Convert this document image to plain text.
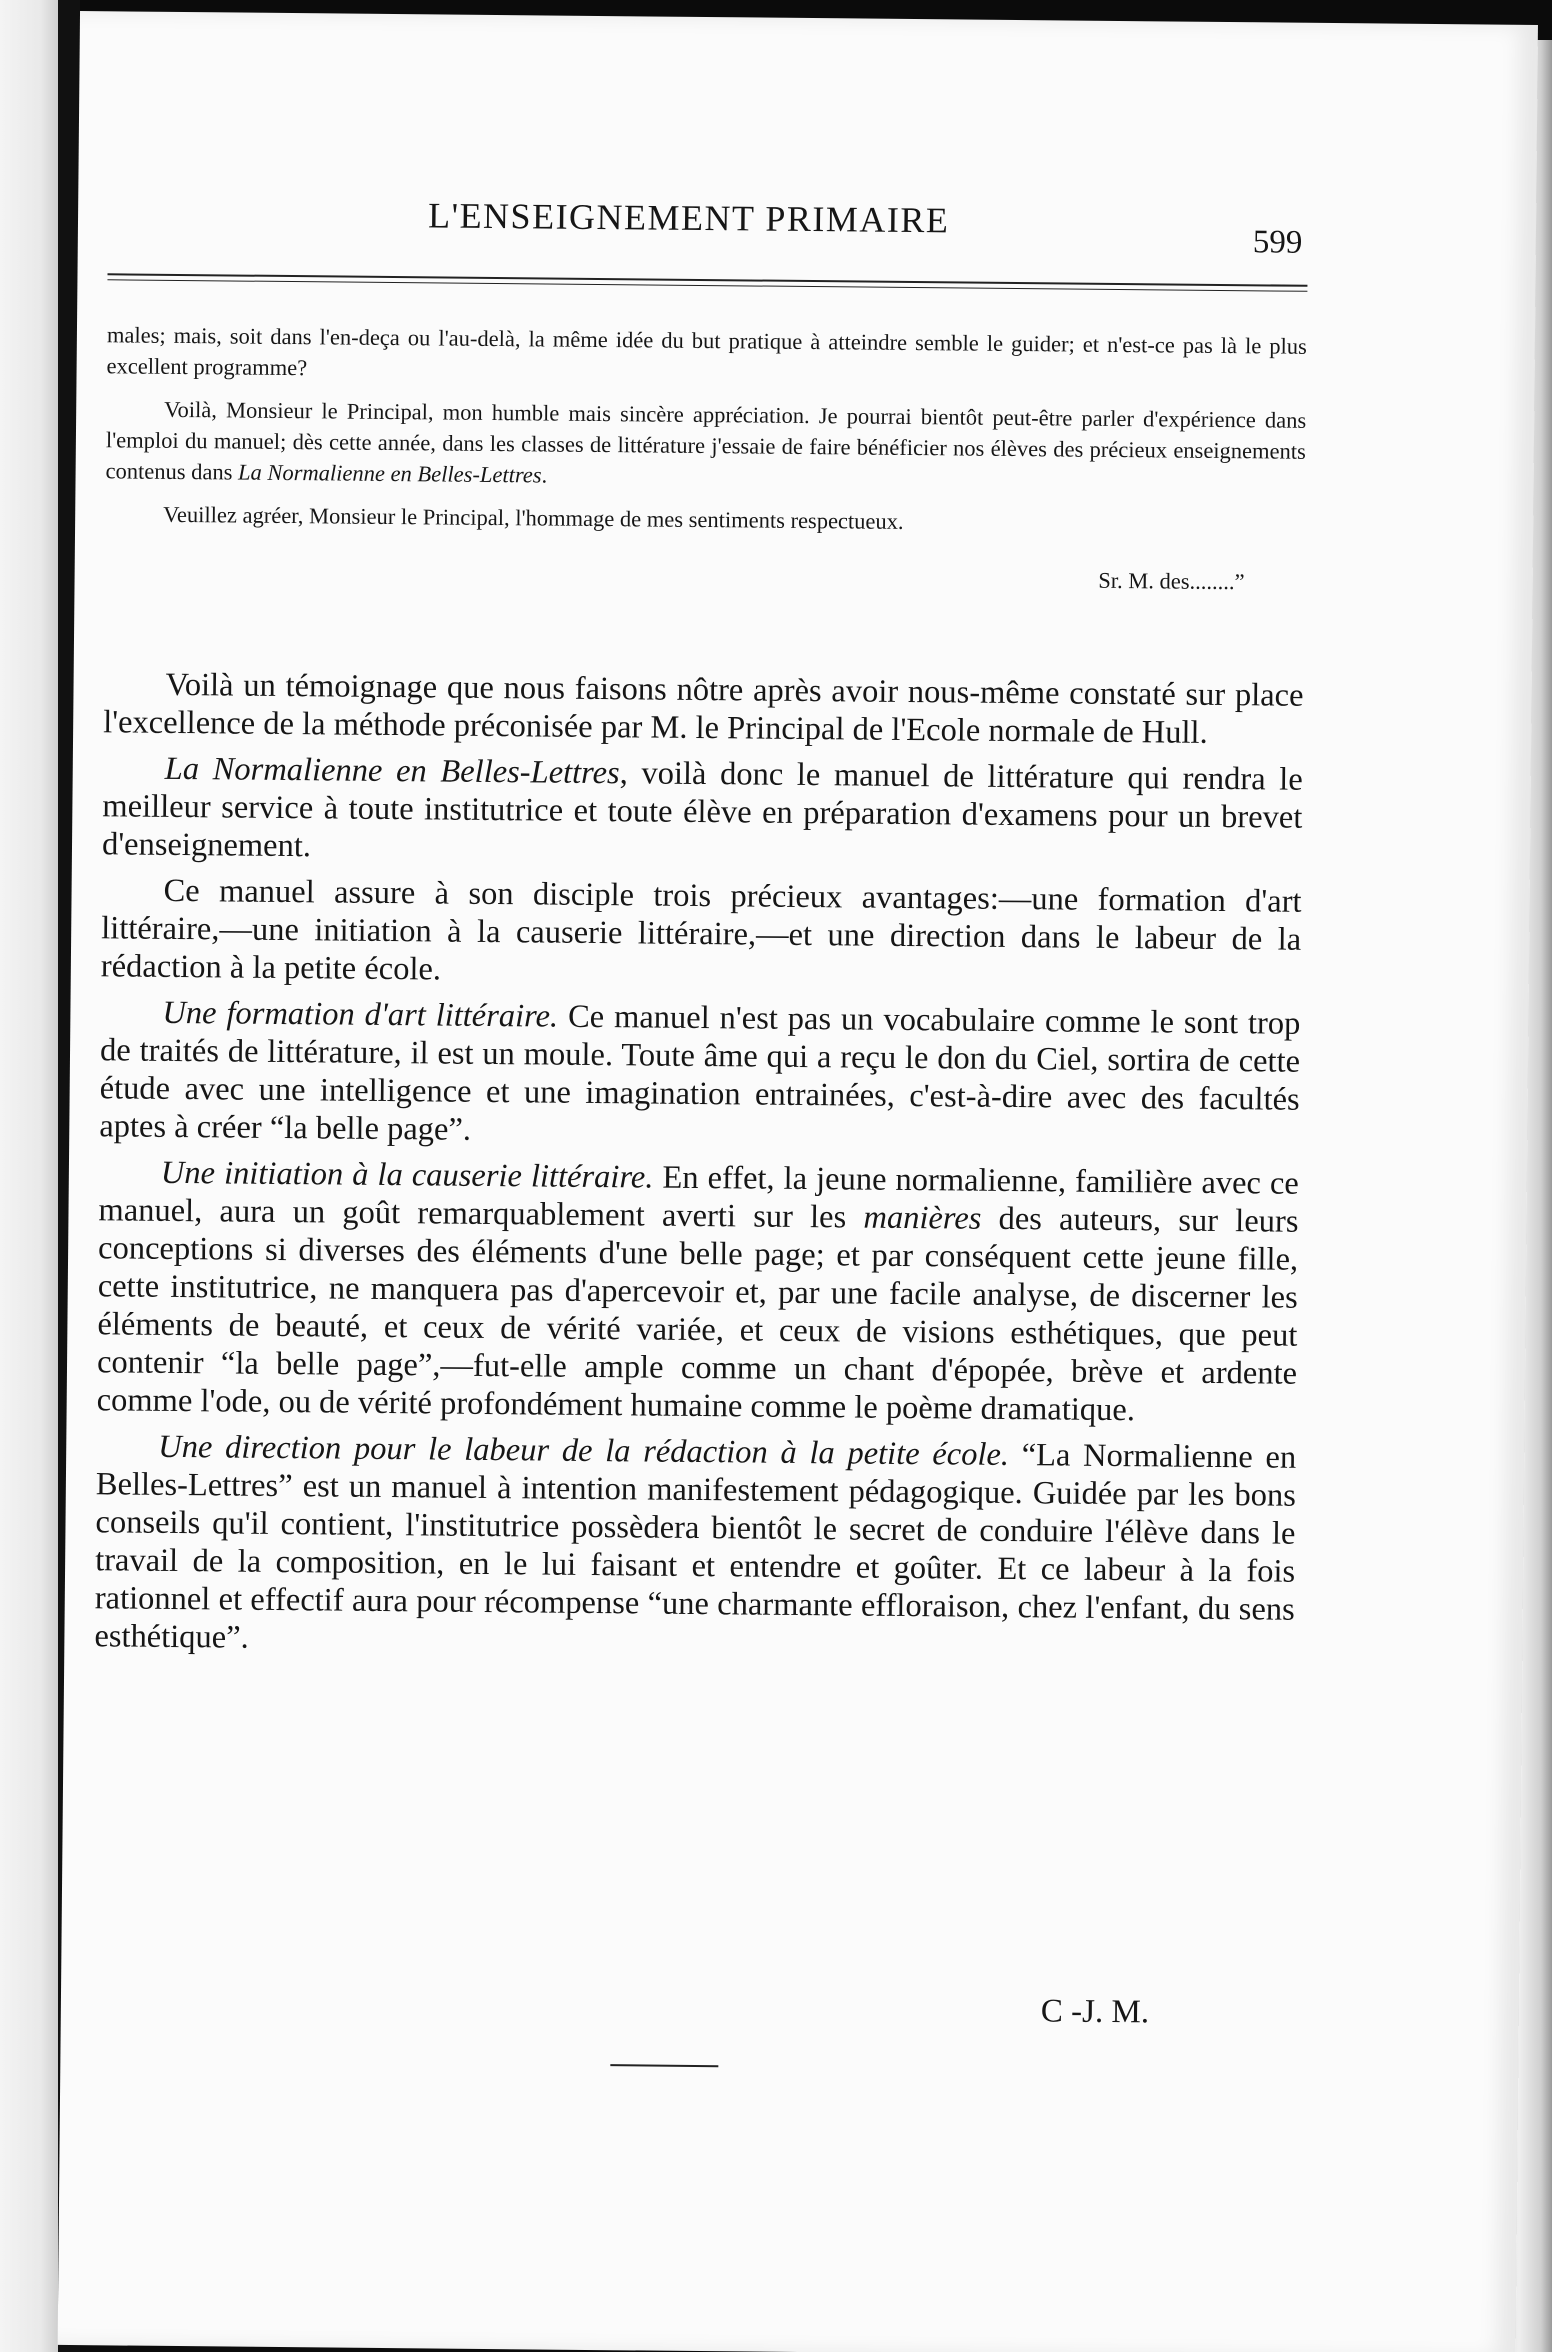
L'ENSEIGNEMENT PRIMAIRE
599

males; mais, soit dans l'en-deça ou l'au-delà, la même idée du but pratique à atteindre semble le guider; et n'est-ce pas là le plus excellent programme?

Voilà, Monsieur le Principal, mon humble mais sincère appréciation. Je pourrai bientôt peut-être parler d'expérience dans l'emploi du manuel; dès cette année, dans les classes de littérature j'essaie de faire bénéficier nos élèves des précieux enseignements contenus dans La Normalienne en Belles-Lettres.

Veuillez agréer, Monsieur le Principal, l'hommage de mes sentiments respectueux.

Sr. M. des........”

Voilà un témoignage que nous faisons nôtre après avoir nous-même constaté sur place l'excellence de la méthode préconisée par M. le Principal de l'Ecole normale de Hull.

La Normalienne en Belles-Lettres, voilà donc le manuel de littérature qui rendra le meilleur service à toute institutrice et toute élève en préparation d'examens pour un brevet d'enseignement.

Ce manuel assure à son disciple trois précieux avantages:—une formation d'art littéraire,—une initiation à la causerie littéraire,—et une direction dans le labeur de la rédaction à la petite école.

Une formation d'art littéraire. Ce manuel n'est pas un vocabulaire comme le sont trop de traités de littérature, il est un moule. Toute âme qui a reçu le don du Ciel, sortira de cette étude avec une intelligence et une imagination entrainées, c'est-à-dire avec des facultés aptes à créer “la belle page”.

Une initiation à la causerie littéraire. En effet, la jeune normalienne, familière avec ce manuel, aura un goût remarquablement averti sur les manières des auteurs, sur leurs conceptions si diverses des éléments d'une belle page; et par conséquent cette jeune fille, cette institutrice, ne manquera pas d'apercevoir et, par une facile analyse, de discerner les éléments de beauté, et ceux de vérité variée, et ceux de visions esthétiques, que peut contenir “la belle page”,—fut-elle ample comme un chant d'épopée, brève et ardente comme l'ode, ou de vérité profondément humaine comme le poème dramatique.

Une direction pour le labeur de la rédaction à la petite école. “La Normalienne en Belles-Lettres” est un manuel à intention manifestement pédagogique. Guidée par les bons conseils qu'il contient, l'institutrice possèdera bientôt le secret de conduire l'élève dans le travail de la composition, en le lui faisant et entendre et goûter. Et ce labeur à la fois rationnel et effectif aura pour récompense “une charmante effloraison, chez l'enfant, du sens esthétique”.

C -J. M.
